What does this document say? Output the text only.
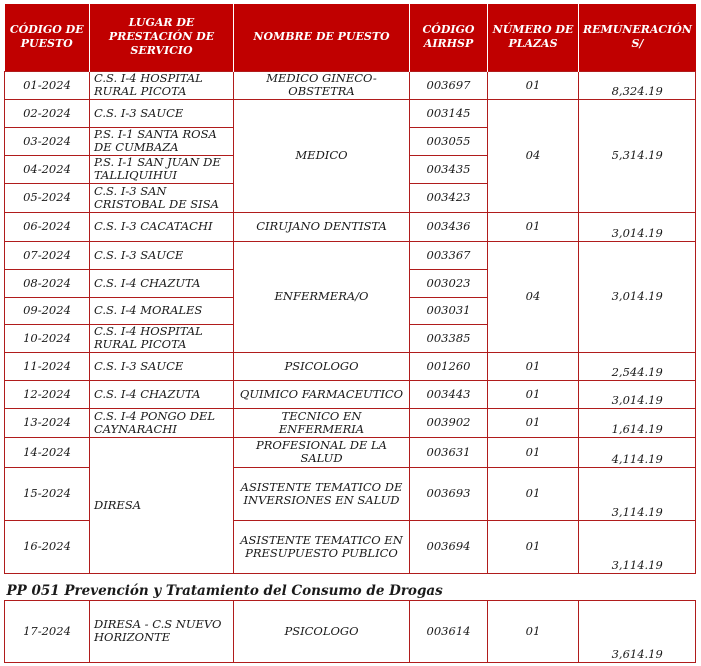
CÓDIGO DE PUESTO	LUGAR DE PRESTACIÓN DE SERVICIO	NOMBRE DE PUESTO	CÓDIGO AIRHSP	NÚMERO DE PLAZAS	REMUNERACIÓN S/
01-2024	C.S. I-4 HOSPITAL RURAL PICOTA	MEDICO GINECO-OBSTETRA	003697	01	8,324.19
02-2024	C.S. I-3 SAUCE	MEDICO	003145	04	5,314.19
03-2024	P.S. I-1 SANTA ROSA DE CUMBAZA		003055		
04-2024	P.S. I-1 SAN JUAN DE TALLIQUIHUI		003435		
05-2024	C.S. I-3 SAN CRISTOBAL DE SISA		003423		
06-2024	C.S. I-3 CACATACHI	CIRUJANO DENTISTA	003436	01	3,014.19
07-2024	C.S. I-3 SAUCE	ENFERMERA/O	003367	04	3,014.19
08-2024	C.S. I-4 CHAZUTA		003023		
09-2024	C.S. I-4 MORALES		003031		
10-2024	C.S. I-4 HOSPITAL RURAL PICOTA		003385		
11-2024	C.S. I-3 SAUCE	PSICOLOGO	001260	01	2,544.19
12-2024	C.S. I-4 CHAZUTA	QUIMICO FARMACEUTICO	003443	01	3,014.19
13-2024	C.S. I-4 PONGO DEL CAYNARACHI	TECNICO EN ENFERMERIA	003902	01	1,614.19
14-2024	DIRESA	PROFESIONAL DE LA SALUD	003631	01	4,114.19
15-2024		ASISTENTE TEMATICO DE INVERSIONES EN SALUD	003693	01	3,114.19
16-2024		ASISTENTE TEMATICO EN PRESUPUESTO PUBLICO	003694	01	3,114.19
PP 051 Prevención y Tratamiento del Consumo de Drogas					
17-2024	DIRESA - C.S NUEVO HORIZONTE	PSICOLOGO	003614	01	3,614.19
